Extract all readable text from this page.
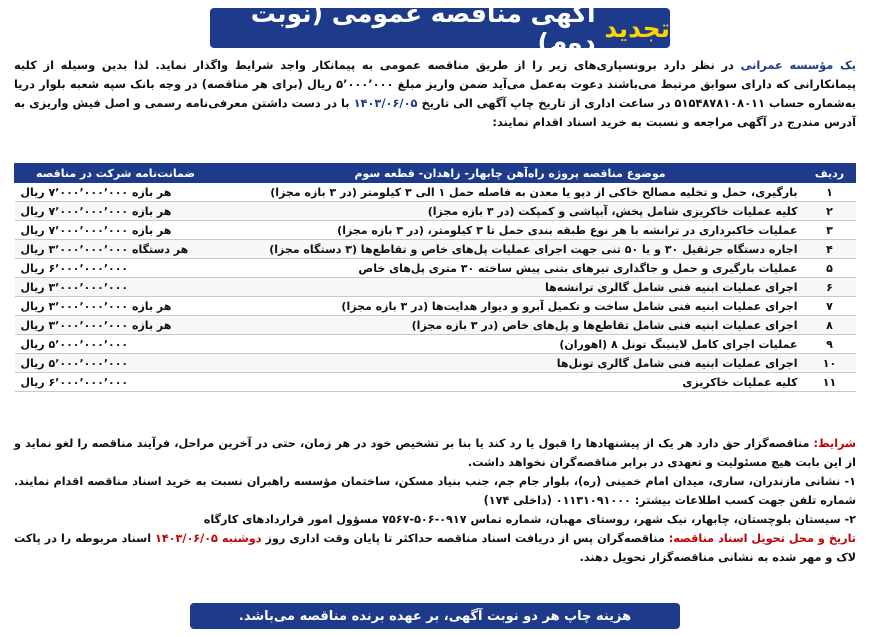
تجدید

آگهی مناقصه عمومی (نوبت دوم)
یک مؤسسه عمرانی در نظر دارد برونسپاری‌های زیر را از طریق مناقصه عمومی به پیمانکار واجد شرایط واگذار نماید. لذا بدین وسیله از کلیه پیمانکارانی که دارای سوابق مرتبط می‌باشند دعوت به‌عمل می‌آید ضمن واریز مبلغ ۵٬۰۰۰٬۰۰۰ ریال (برای هر مناقصه) در وجه بانک سپه شعبه بلوار دریا به‌شماره حساب ۵۱۵۴۸۷۸۱۰۸۰۱۱ در ساعت اداری از تاریخ چاپ آگهی الی تاریخ ۱۴۰۳/۰۶/۰۵ با در دست داشتن معرفی‌نامه رسمی و اصل فیش واریزی به آدرس مندرج در آگهی مراجعه و نسبت به خرید اسناد اقدام نمایند:
ردیف	موضوع مناقصه پروژه راه‌آهن چابهار- زاهدان- قطعه سوم	ضمانت‌نامه شرکت در مناقصه
۱	بارگیری، حمل و تخلیه مصالح خاکی از دپو یا معدن به فاصله حمل ۱ الی ۳ کیلومتر (در ۳ بازه مجزا)	هر بازه ۷٬۰۰۰٬۰۰۰٬۰۰۰ ریال
۲	کلیه عملیات خاکریزی شامل پخش، آبپاشی و کمپکت (در ۳ بازه مجزا)	هر بازه ۷٬۰۰۰٬۰۰۰٬۰۰۰ ریال
۳	عملیات خاکبرداری در ترانشه با هر نوع طبقه بندی حمل تا ۳ کیلومتر، (در ۳ بازه مجزا)	هر بازه ۷٬۰۰۰٬۰۰۰٬۰۰۰ ریال
۴	اجاره دستگاه جرثقیل ۳۰ و یا ۵۰ تنی جهت اجرای عملیات پل‌های خاص و تقاطع‌ها (۳ دستگاه مجزا)	هر دستگاه ۳٬۰۰۰٬۰۰۰٬۰۰۰ ریال
۵	عملیات بارگیری و حمل و جاگذاری تیرهای بتنی پیش ساخته ۳۰ متری پل‌های خاص	۶٬۰۰۰٬۰۰۰٬۰۰۰ ریال
۶	اجرای عملیات ابنیه فنی شامل گالری ترانشه‌ها	۳٬۰۰۰٬۰۰۰٬۰۰۰ ریال
۷	اجرای عملیات ابنیه فنی شامل ساخت و تکمیل آبرو و دیوار هدایت‌ها (در ۳ بازه مجزا)	هر بازه ۳٬۰۰۰٬۰۰۰٬۰۰۰ ریال
۸	اجرای عملیات ابنیه فنی شامل تقاطع‌ها و پل‌های خاص (در ۳ بازه مجزا)	هر بازه ۳٬۰۰۰٬۰۰۰٬۰۰۰ ریال
۹	عملیات اجرای کامل لاینینگ تونل ۸ (اهوران)	۵٬۰۰۰٬۰۰۰٬۰۰۰ ریال
۱۰	اجرای عملیات ابنیه فنی شامل گالری تونل‌ها	۵٬۰۰۰٬۰۰۰٬۰۰۰ ریال
۱۱	کلیه عملیات خاکریزی	۶٬۰۰۰٬۰۰۰٬۰۰۰ ریال

شرایط: مناقصه‌گزار حق دارد هر یک از پیشنهادها را قبول یا رد کند یا بنا بر تشخیص خود در هر زمان، حتی در آخرین مراحل، فرآیند مناقصه را لغو نماید و از این بابت هیچ مسئولیت و تعهدی در برابر مناقصه‌گران نخواهد داشت.

۱- نشانی مازندران، ساری، میدان امام خمینی (ره)، بلوار جام جم، جنب بنیاد مسکن، ساختمان مؤسسه راهبران نسبت به خرید اسناد مناقصه اقدام نمایند. شماره تلفن جهت کسب اطلاعات بیشتر: ۰۱۱۳۱۰۹۱۰۰۰ (داخلی ۱۷۴)

۲- سیستان بلوچستان، چابهار، نیک شهر، روستای مهبان، شماره تماس ۰۹۱۷-۵۰۶-۷۵۶۷ مسؤول امور قراردادهای کارگاه

تاریخ و محل تحویل اسناد مناقصه: مناقصه‌گران پس از دریافت اسناد مناقصه حداکثر تا پایان وقت اداری روز دوشنبه ۱۴۰۳/۰۶/۰۵ اسناد مربوطه را در پاکت لاک و مهر شده به نشانی مناقصه‌گزار تحویل دهند.

هزینه چاپ هر دو نوبت آگهی، بر عهده برنده مناقصه می‌باشد.
